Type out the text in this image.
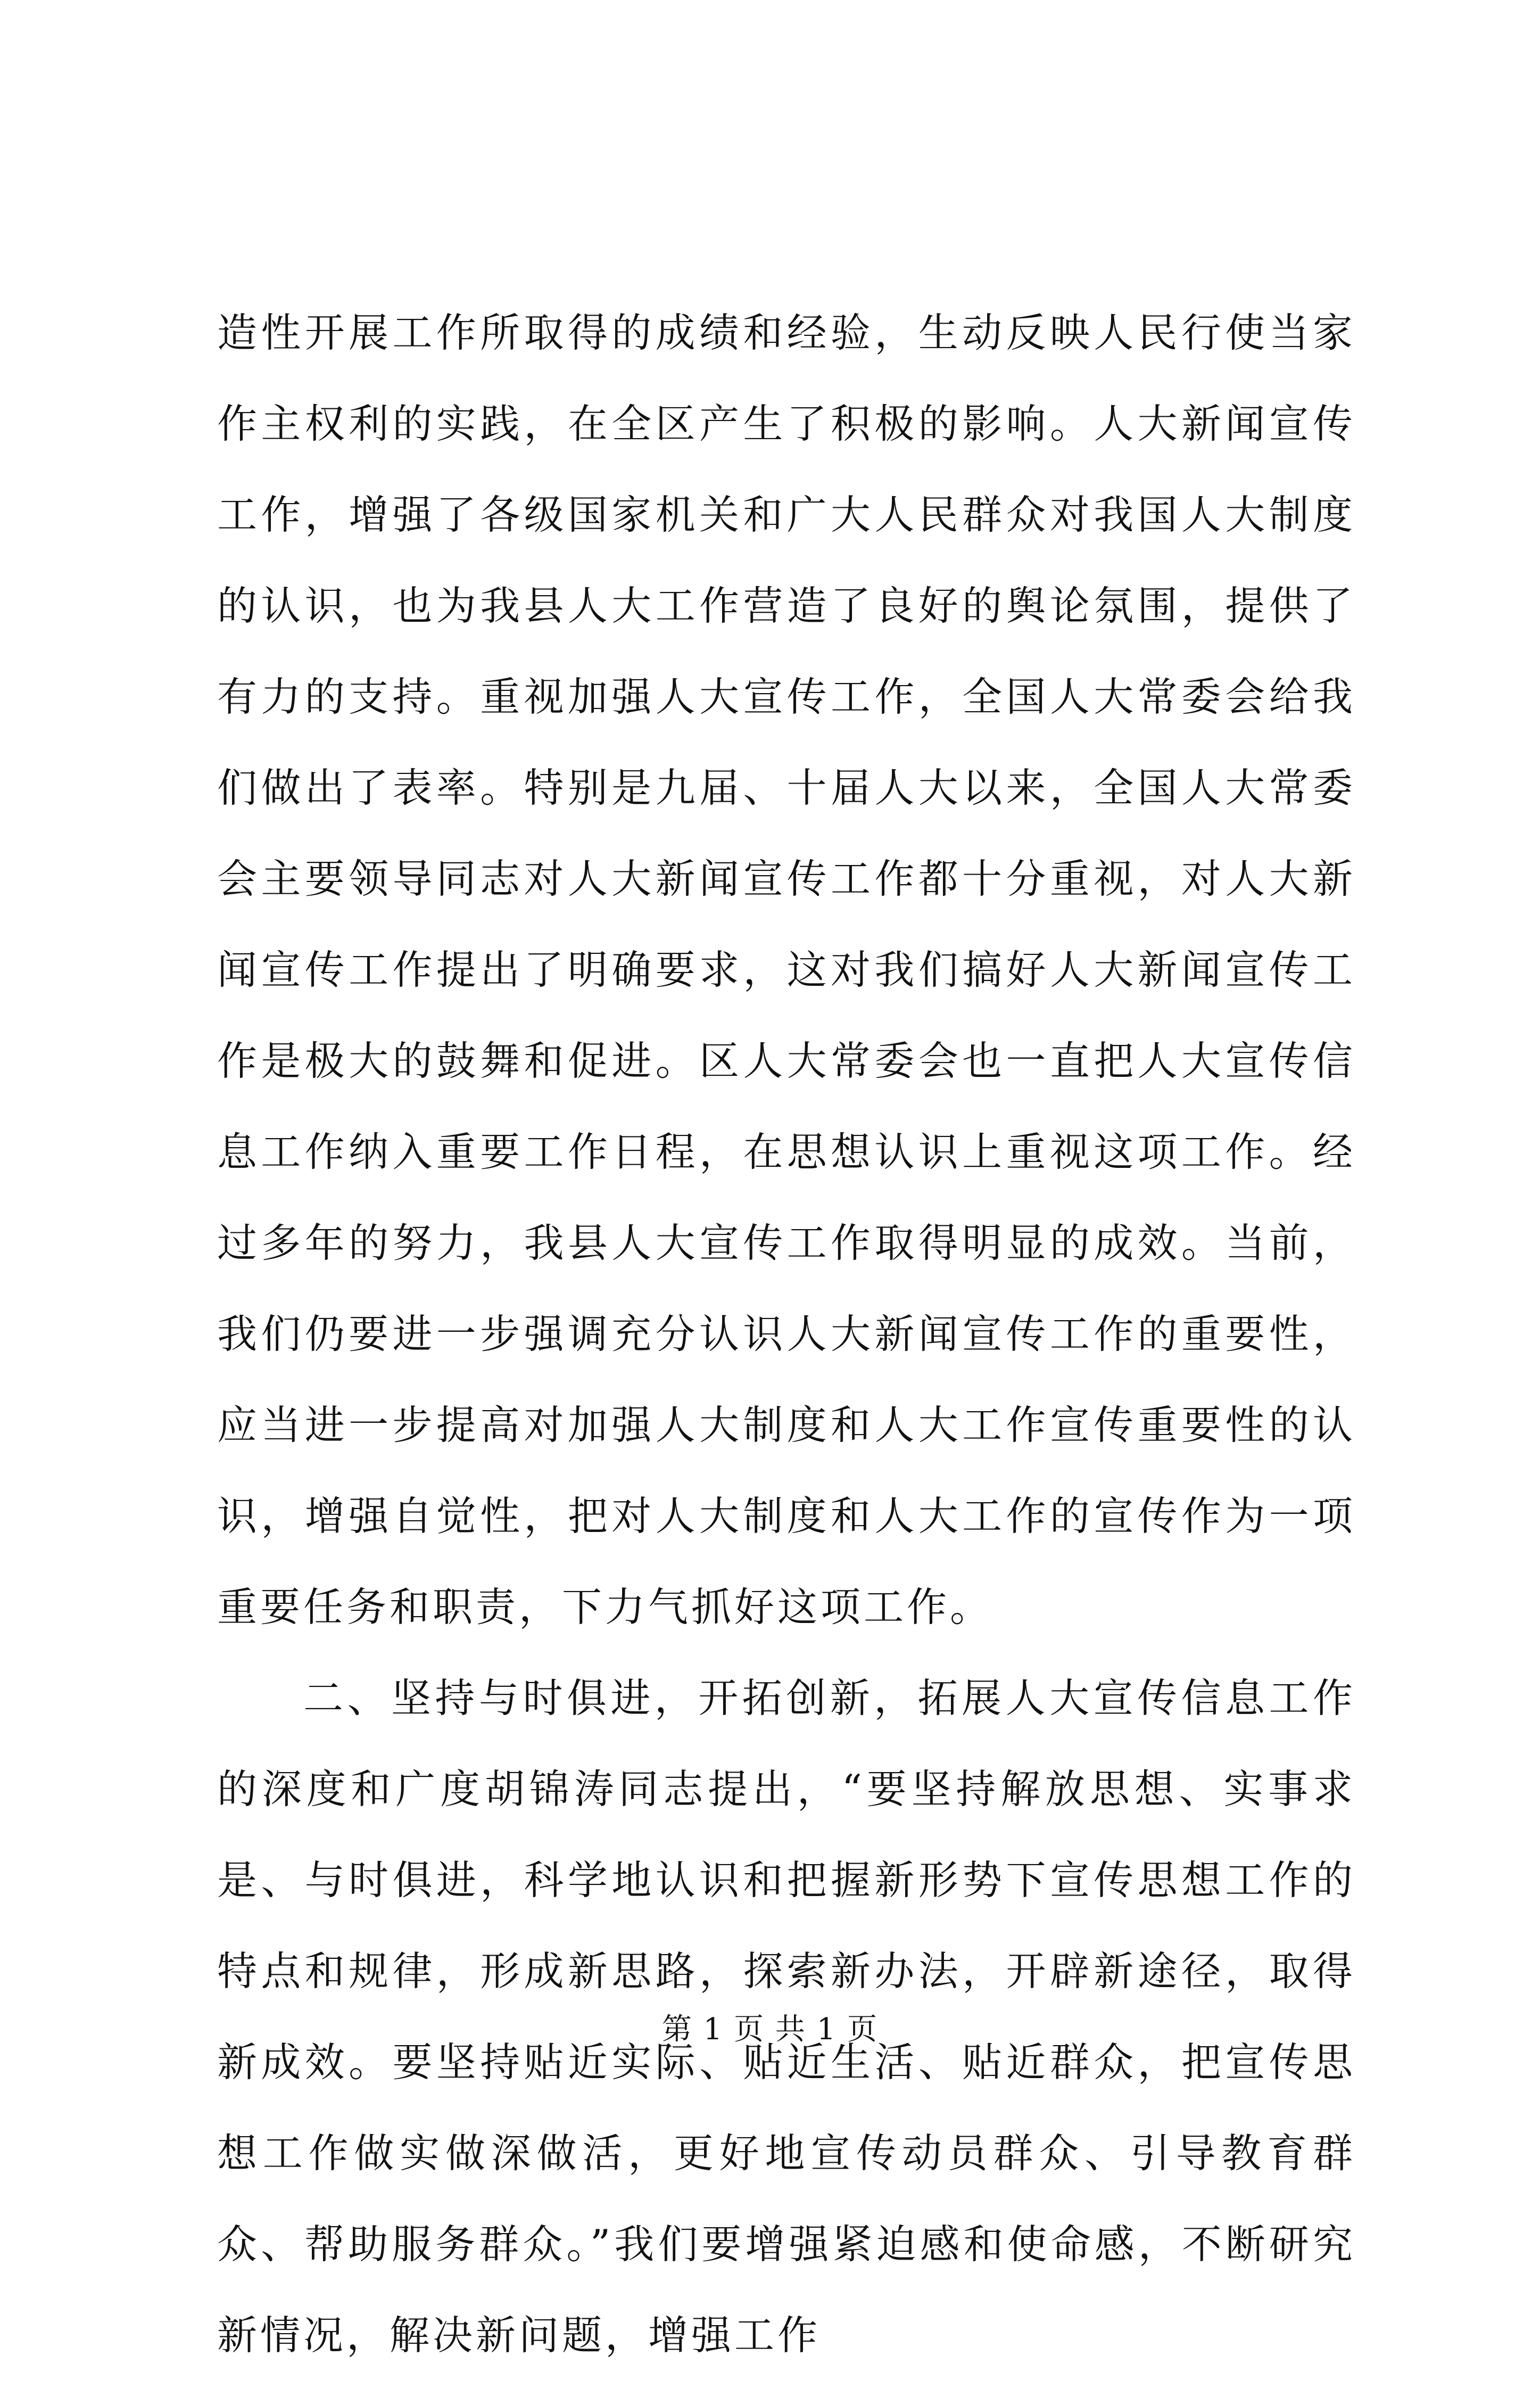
造性开展工作所取得的成绩和经验，生动反映人民行使当家作主权利的实践，在全区产生了积极的影响。人大新闻宣传工作，增强了各级国家机关和广大人民群众对我国人大制度的认识，也为我县人大工作营造了良好的舆论氛围，提供了有力的支持。重视加强人大宣传工作，全国人大常委会给我们做出了表率。特别是九届、十届人大以来，全国人大常委会主要领导同志对人大新闻宣传工作都十分重视，对人大新闻宣传工作提出了明确要求，这对我们搞好人大新闻宣传工作是极大的鼓舞和促进。区人大常委会也一直把人大宣传信息工作纳入重要工作日程，在思想认识上重视这项工作。经过多年的努力，我县人大宣传工作取得明显的成效。当前，我们仍要进一步强调充分认识人大新闻宣传工作的重要性，应当进一步提高对加强人大制度和人大工作宣传重要性的认识，增强自觉性，把对人大制度和人大工作的宣传作为一项重要任务和职责，下力气抓好这项工作。

二、坚持与时俱进，开拓创新，拓展人大宣传信息工作的深度和广度胡锦涛同志提出，“要坚持解放思想、实事求是、与时俱进，科学地认识和把握新形势下宣传思想工作的特点和规律，形成新思路，探索新办法，开辟新途径，取得新成效。要坚持贴近实际、贴近生活、贴近群众，把宣传思想工作做实做深做活，更好地宣传动员群众、引导教育群众、帮助服务群众。”我们要增强紧迫感和使命感，不断研究新情况，解决新问题，增强工作

第 1 页 共 1 页
